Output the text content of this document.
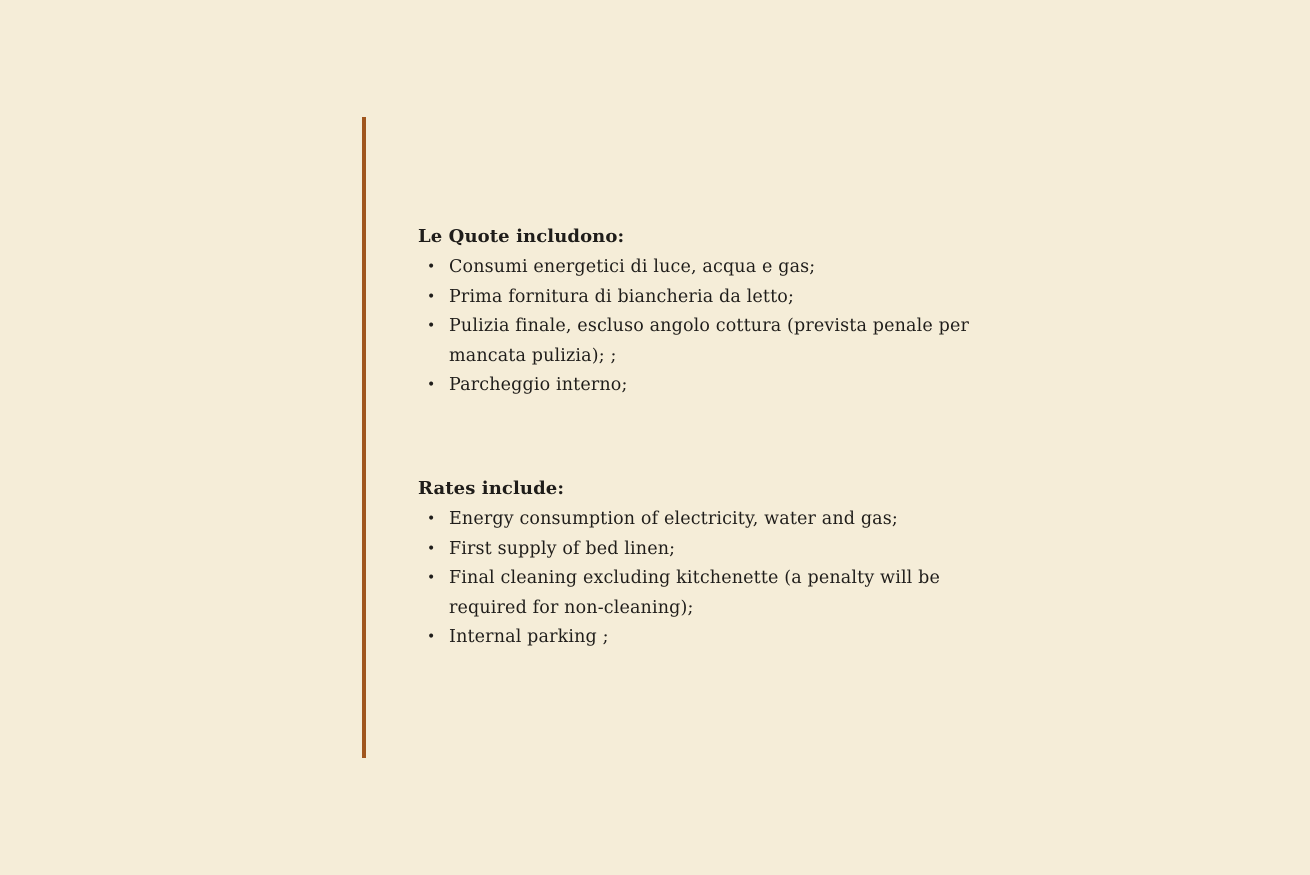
Le Quote includono:
• Consumi energetici di luce, acqua e gas;
• Prima fornitura di biancheria da letto;
• Pulizia finale, escluso angolo cottura (prevista penale per mancata pulizia); ;
• Parcheggio interno;
Rates include:
• Energy consumption of electricity, water and gas;
• First supply of bed linen;
• Final cleaning excluding kitchenette (a penalty will be required for non-cleaning);
• Internal parking ;
